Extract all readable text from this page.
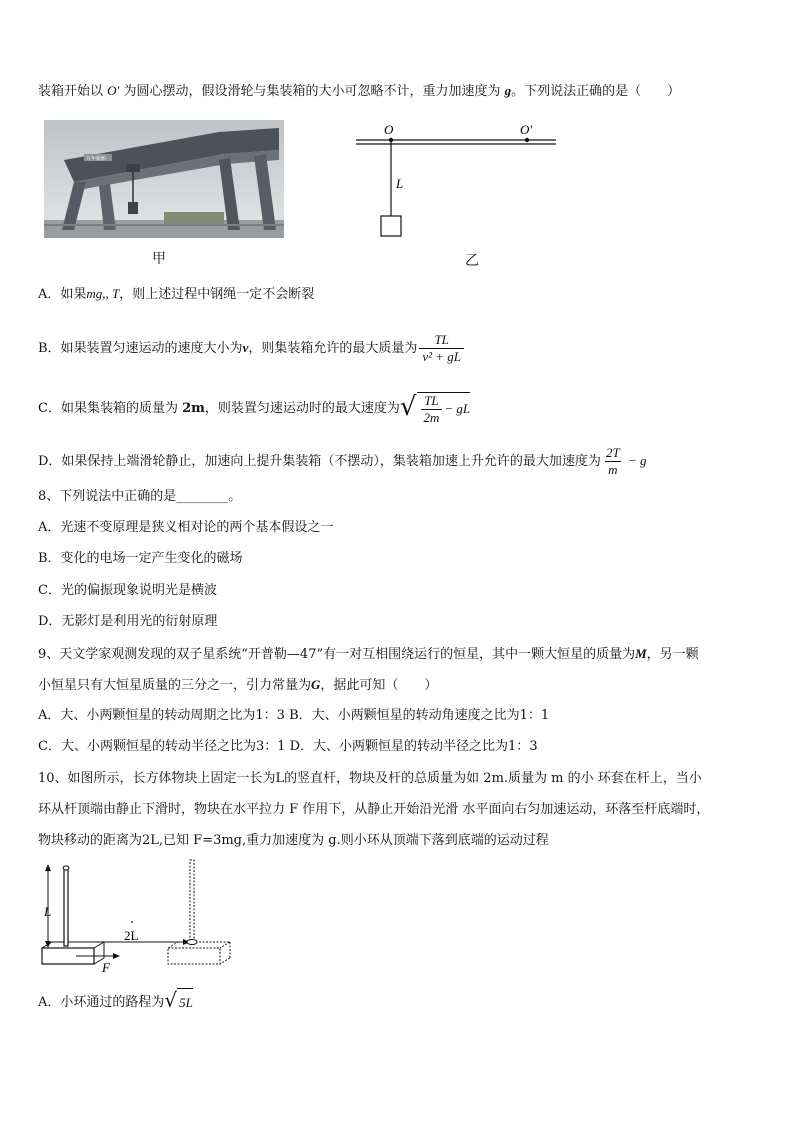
装箱开始以 O′ 为圆心摆动，假设滑轮与集装箱的大小可忽略不计，重力加速度为 g。下列说法正确的是（　　）
万年船舶
甲
O	O′
L
乙
A．如果mg,, T，则上述过程中钢绳一定不会断裂
B．如果装置匀速运动的速度大小为v，则集装箱允许的最大质量为 $\frac{TL}{\text{v² + gL}}$
C．如果集装箱的质量为 2m，则装置匀速运动时的最大速度为 √ $\frac{TL}{2m}$ − gL
D．如果保持上端滑轮静止，加速向上提升集装箱（不摆动），集装箱加速上升允许的最大加速度为 $\frac{2T}{m} - g$
8、下列说法中正确的是________。
A．光速不变原理是狭义相对论的两个基本假设之一
B．变化的电场一定产生变化的磁场
C．光的偏振现象说明光是横波
D．无影灯是利用光的衍射原理
9、天文学家观测发现的双子星系统“开普勒—47”有一对互相围绕运行的恒星，其中一颗大恒星的质量为M，另一颗
小恒星只有大恒星质量的三分之一，引力常量为G，据此可知（　　）
A．大、小两颗恒星的转动周期之比为1：3 B．大、小两颗恒星的转动角速度之比为1：1
C．大、小两颗恒星的转动半径之比为3：1 D．大、小两颗恒星的转动半径之比为1：3
10、如图所示，长方体物块上固定一长为L的竖直杆，物块及杆的总质量为如 2m.质量为 m 的小 环套在杆上，当小
环从杆顶端由静止下滑时，物块在水平拉力 F 作用下，从静止开始沿光滑 水平面向右匀加速运动，环落至杆底端时，
物块移动的距离为2L,已知 F=3mg,重力加速度为 g.则小环从顶端下落到底端的运动过程
L
F
2L
A．小环通过的路程为 √ 5L
